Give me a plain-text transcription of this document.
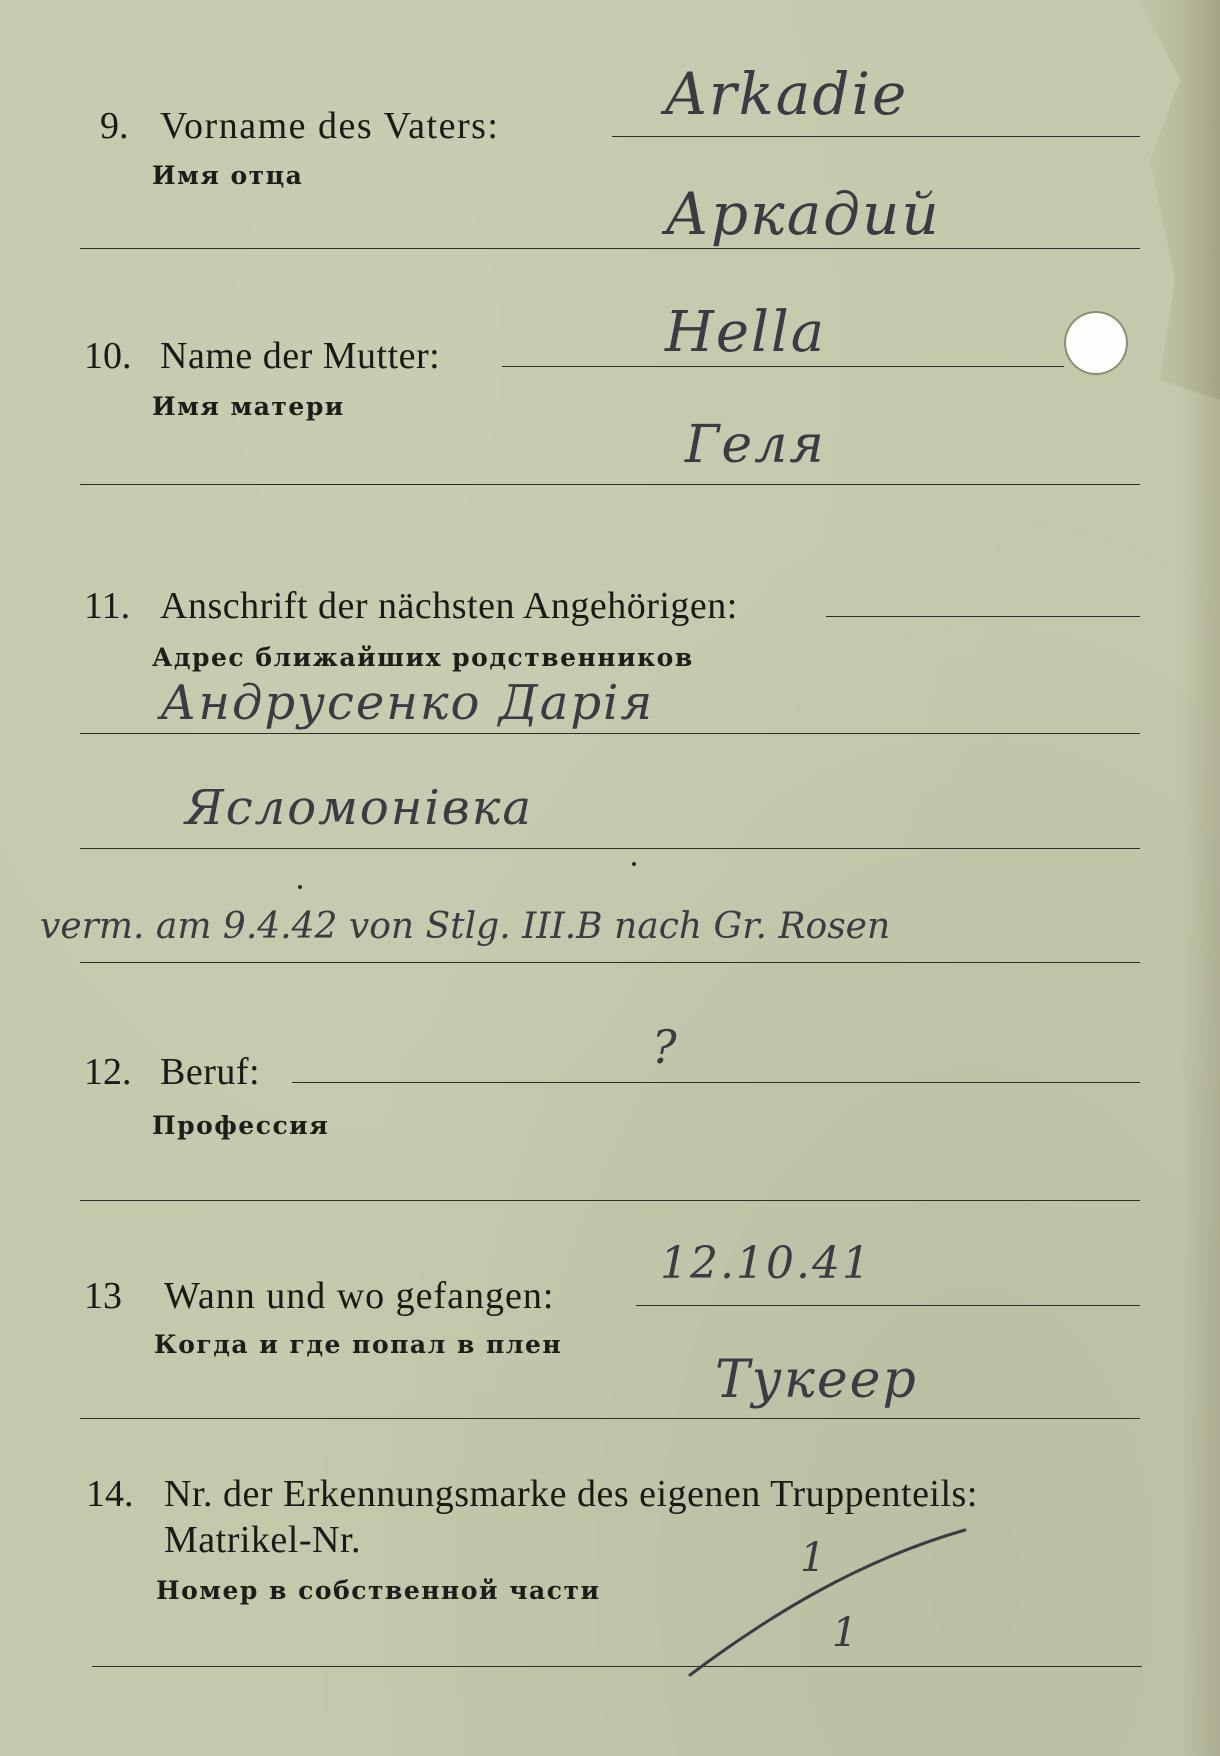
9. Vorname des Vaters:
Имя отца
Arkadie
Аркадий
10. Name der Mutter:
Имя матери
Hella
Геля
11. Anschrift der nächsten Angehörigen:
Адрес ближайших родственников
Андрусенко Дарія
Ясломонівка
verm. am 9.4.42 von Stlg. III.B nach Gr. Rosen
12. Beruf:
Профессия
?
13 Wann und wo gefangen:
Когда и где попал в плен
12.10.41
Тукеер
14. Nr. der Erkennungsmarke des eigenen Truppenteils:
Matrikel-Nr.
Номер в собственной части
1
1
